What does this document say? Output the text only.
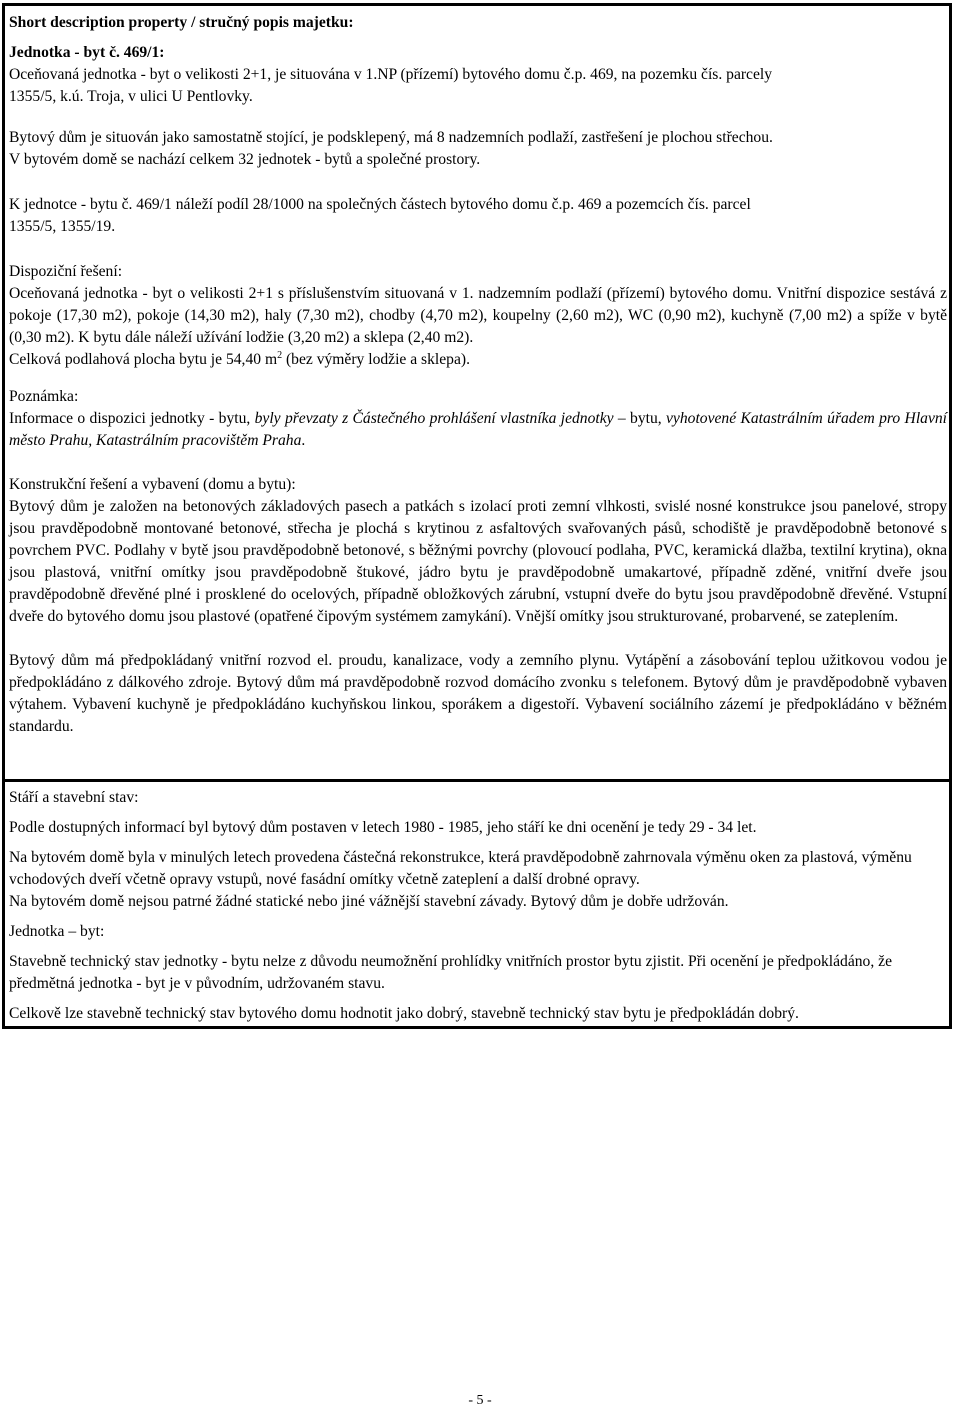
Short description property / stručný popis majetku:

Jednotka - byt č. 469/1:

Oceňovaná jednotka - byt o velikosti 2+1, je situována v 1.NP (přízemí) bytového domu č.p. 469, na pozemku čís. parcely

1355/5, k.ú. Troja, v ulici U Pentlovky.

Bytový dům je situován jako samostatně stojící, je podsklepený, má 8 nadzemních podlaží, zastřešení je plochou střechou.

V bytovém domě se nachází celkem 32 jednotek - bytů a společné prostory.

K jednotce - bytu č. 469/1 náleží podíl 28/1000 na společných částech bytového domu č.p. 469 a pozemcích čís. parcel

1355/5, 1355/19.

Dispoziční řešení:

Oceňovaná jednotka - byt o velikosti 2+1 s příslušenstvím situovaná v 1. nadzemním podlaží (přízemí) bytového domu. Vnitřní dispozice sestává z pokoje (17,30 m2), pokoje (14,30 m2), haly (7,30 m2), chodby (4,70 m2), koupelny (2,60 m2), WC (0,90 m2), kuchyně (7,00 m2) a spíže v bytě (0,30 m2). K bytu dále náleží užívání lodžie (3,20 m2) a sklepa (2,40 m2).

Celková podlahová plocha bytu je 54,40 $m^2$ (bez výměry lodžie a sklepa).

Poznámka:

Informace o dispozici jednotky - bytu, byly převzaty z Částečného prohlášení vlastníka jednotky – bytu, vyhotovené Katastrálním úřadem pro Hlavní město Prahu, Katastrálním pracovištěm Praha.

Konstrukční řešení a vybavení (domu a bytu):

Bytový dům je založen na betonových základových pasech a patkách s izolací proti zemní vlhkosti, svislé nosné konstrukce jsou panelové, stropy jsou pravděpodobně montované betonové, střecha je plochá s krytinou z asfaltových svařovaných pásů, schodiště je pravděpodobně betonové s povrchem PVC. Podlahy v bytě jsou pravděpodobně betonové, s běžnými povrchy (plovoucí podlaha, PVC, keramická dlažba, textilní krytina), okna jsou plastová, vnitřní omítky jsou pravděpodobně štukové, jádro bytu je pravděpodobně umakartové, případně zděné, vnitřní dveře jsou pravděpodobně dřevěné plné i prosklené do ocelových, případně obložkových zárubní, vstupní dveře do bytu jsou pravděpodobně dřevěné. Vstupní dveře do bytového domu jsou plastové (opatřené čipovým systémem zamykání). Vnější omítky jsou strukturované, probarvené, se zateplením.

Bytový dům má předpokládaný vnitřní rozvod el. proudu, kanalizace, vody a zemního plynu. Vytápění a zásobování teplou užitkovou vodou je předpokládáno z dálkového zdroje. Bytový dům má pravděpodobně rozvod domácího zvonku s telefonem. Bytový dům je pravděpodobně vybaven výtahem. Vybavení kuchyně je předpokládáno kuchyňskou linkou, sporákem a digestoří. Vybavení sociálního zázemí je předpokládáno v běžném standardu.

Stáří a stavební stav:

Podle dostupných informací byl bytový dům postaven v letech 1980 - 1985, jeho stáří ke dni ocenění je tedy 29 - 34 let.

Na bytovém domě byla v minulých letech provedena částečná rekonstrukce, která pravděpodobně zahrnovala výměnu oken za plastová, výměnu vchodových dveří včetně opravy vstupů, nové fasádní omítky včetně zateplení a další drobné opravy.

Na bytovém domě nejsou patrné žádné statické nebo jiné vážnější stavební závady. Bytový dům je dobře udržován.

Jednotka – byt:

Stavebně technický stav jednotky - bytu nelze z důvodu neumožnění prohlídky vnitřních prostor bytu zjistit. Při ocenění je předpokládáno, že předmětná jednotka - byt je v původním, udržovaném stavu.

Celkově lze stavebně technický stav bytového domu hodnotit jako dobrý, stavebně technický stav bytu je předpokládán dobrý.

- 5 -
